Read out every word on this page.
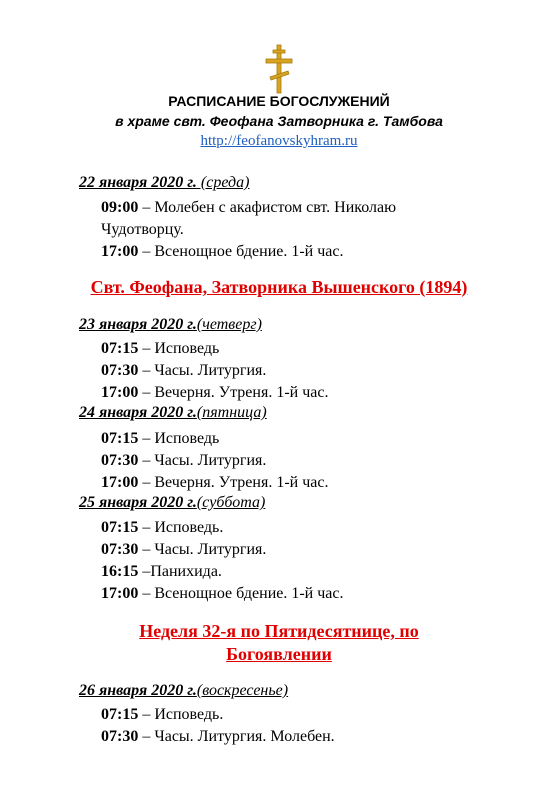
РАСПИСАНИЕ БОГОСЛУЖЕНИЙ
в храме свт. Феофана Затворника г. Тамбова
http://feofanovskyhram.ru
22 января 2020 г. (среда)
09:00 – Молебен с акафистом свт. Николаю
Чудотворцу.
17:00 – Всенощное бдение. 1-й час.
Свт. Феофана, Затворника Вышенского (1894)
23 января 2020 г.(четверг)
07:15 – Исповедь
07:30 – Часы. Литургия.
17:00 – Вечерня. Утреня. 1-й час.
24 января 2020 г.(пятница)
07:15 – Исповедь
07:30 – Часы. Литургия.
17:00 – Вечерня. Утреня. 1-й час.
25 января 2020 г.(суббота)
07:15 – Исповедь.
07:30 – Часы. Литургия.
16:15 –Панихида.
17:00 – Всенощное бдение. 1-й час.
Неделя 32-я по Пятидесятнице, по
Богоявлении
26 января 2020 г.(воскресенье)
07:15 – Исповедь.
07:30 – Часы. Литургия. Молебен.
